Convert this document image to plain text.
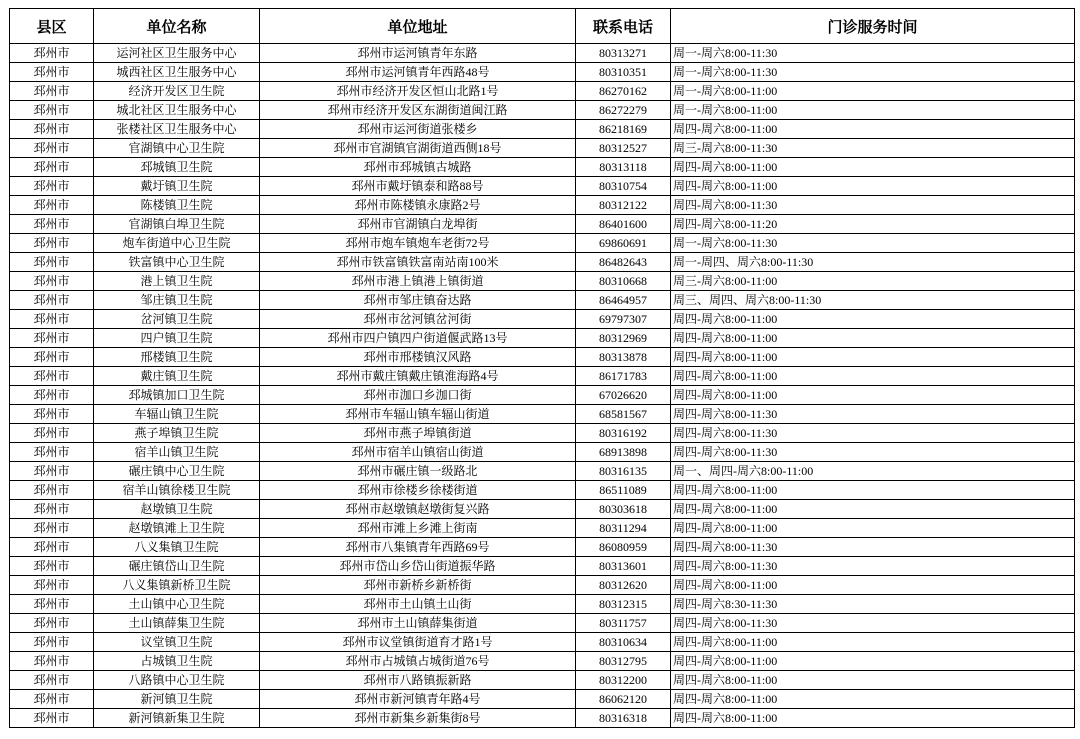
县区	单位名称	单位地址	联系电话	门诊服务时间
邳州市	运河社区卫生服务中心	邳州市运河镇青年东路	80313271	周一-周六8:00-11:30
邳州市	城西社区卫生服务中心	邳州市运河镇青年西路48号	80310351	周一-周六8:00-11:30
邳州市	经济开发区卫生院	邳州市经济开发区恒山北路1号	86270162	周一-周六8:00-11:00
邳州市	城北社区卫生服务中心	邳州市经济开发区东湖街道闽江路	86272279	周一-周六8:00-11:00
邳州市	张楼社区卫生服务中心	邳州市运河街道张楼乡	86218169	周四-周六8:00-11:00
邳州市	官湖镇中心卫生院	邳州市官湖镇官湖街道西侧18号	80312527	周三-周六8:00-11:30
邳州市	邳城镇卫生院	邳州市邳城镇古城路	80313118	周四-周六8:00-11:00
邳州市	戴圩镇卫生院	邳州市戴圩镇泰和路88号	80310754	周四-周六8:00-11:00
邳州市	陈楼镇卫生院	邳州市陈楼镇永康路2号	80312122	周四-周六8:00-11:30
邳州市	官湖镇白埠卫生院	邳州市官湖镇白龙埠街	86401600	周四-周六8:00-11:20
邳州市	炮车街道中心卫生院	邳州市炮车镇炮车老街72号	69860691	周一-周六8:00-11:30
邳州市	铁富镇中心卫生院	邳州市铁富镇铁富南站南100米	86482643	周一-周四、周六8:00-11:30
邳州市	港上镇卫生院	邳州市港上镇港上镇街道	80310668	周三-周六8:00-11:00
邳州市	邹庄镇卫生院	邳州市邹庄镇奋达路	86464957	周三、周四、周六8:00-11:30
邳州市	岔河镇卫生院	邳州市岔河镇岔河街	69797307	周四-周六8:00-11:00
邳州市	四户镇卫生院	邳州市四户镇四户街道偃武路13号	80312969	周四-周六8:00-11:00
邳州市	邢楼镇卫生院	邳州市邢楼镇汉风路	80313878	周四-周六8:00-11:00
邳州市	戴庄镇卫生院	邳州市戴庄镇戴庄镇淮海路4号	86171783	周四-周六8:00-11:00
邳州市	邳城镇加口卫生院	邳州市泇口乡泇口街	67026620	周四-周六8:00-11:00
邳州市	车辐山镇卫生院	邳州市车辐山镇车辐山街道	68581567	周四-周六8:00-11:30
邳州市	燕子埠镇卫生院	邳州市燕子埠镇街道	80316192	周四-周六8:00-11:30
邳州市	宿羊山镇卫生院	邳州市宿羊山镇宿山街道	68913898	周四-周六8:00-11:30
邳州市	碾庄镇中心卫生院	邳州市碾庄镇一级路北	80316135	周一、周四-周六8:00-11:00
邳州市	宿羊山镇徐楼卫生院	邳州市徐楼乡徐楼街道	86511089	周四-周六8:00-11:00
邳州市	赵墩镇卫生院	邳州市赵墩镇赵墩街复兴路	80303618	周四-周六8:00-11:00
邳州市	赵墩镇滩上卫生院	邳州市滩上乡滩上街南	80311294	周四-周六8:00-11:00
邳州市	八义集镇卫生院	邳州市八集镇青年西路69号	86080959	周四-周六8:00-11:30
邳州市	碾庄镇岱山卫生院	邳州市岱山乡岱山街道振华路	80313601	周四-周六8:00-11:30
邳州市	八义集镇新桥卫生院	邳州市新桥乡新桥街	80312620	周四-周六8:00-11:00
邳州市	土山镇中心卫生院	邳州市土山镇土山街	80312315	周四-周六8:30-11:30
邳州市	土山镇薛集卫生院	邳州市土山镇薛集街道	80311757	周四-周六8:00-11:30
邳州市	议堂镇卫生院	邳州市议堂镇街道育才路1号	80310634	周四-周六8:00-11:00
邳州市	占城镇卫生院	邳州市占城镇占城街道76号	80312795	周四-周六8:00-11:00
邳州市	八路镇中心卫生院	邳州市八路镇振新路	80312200	周四-周六8:00-11:00
邳州市	新河镇卫生院	邳州市新河镇青年路4号	86062120	周四-周六8:00-11:00
邳州市	新河镇新集卫生院	邳州市新集乡新集街8号	80316318	周四-周六8:00-11:00
